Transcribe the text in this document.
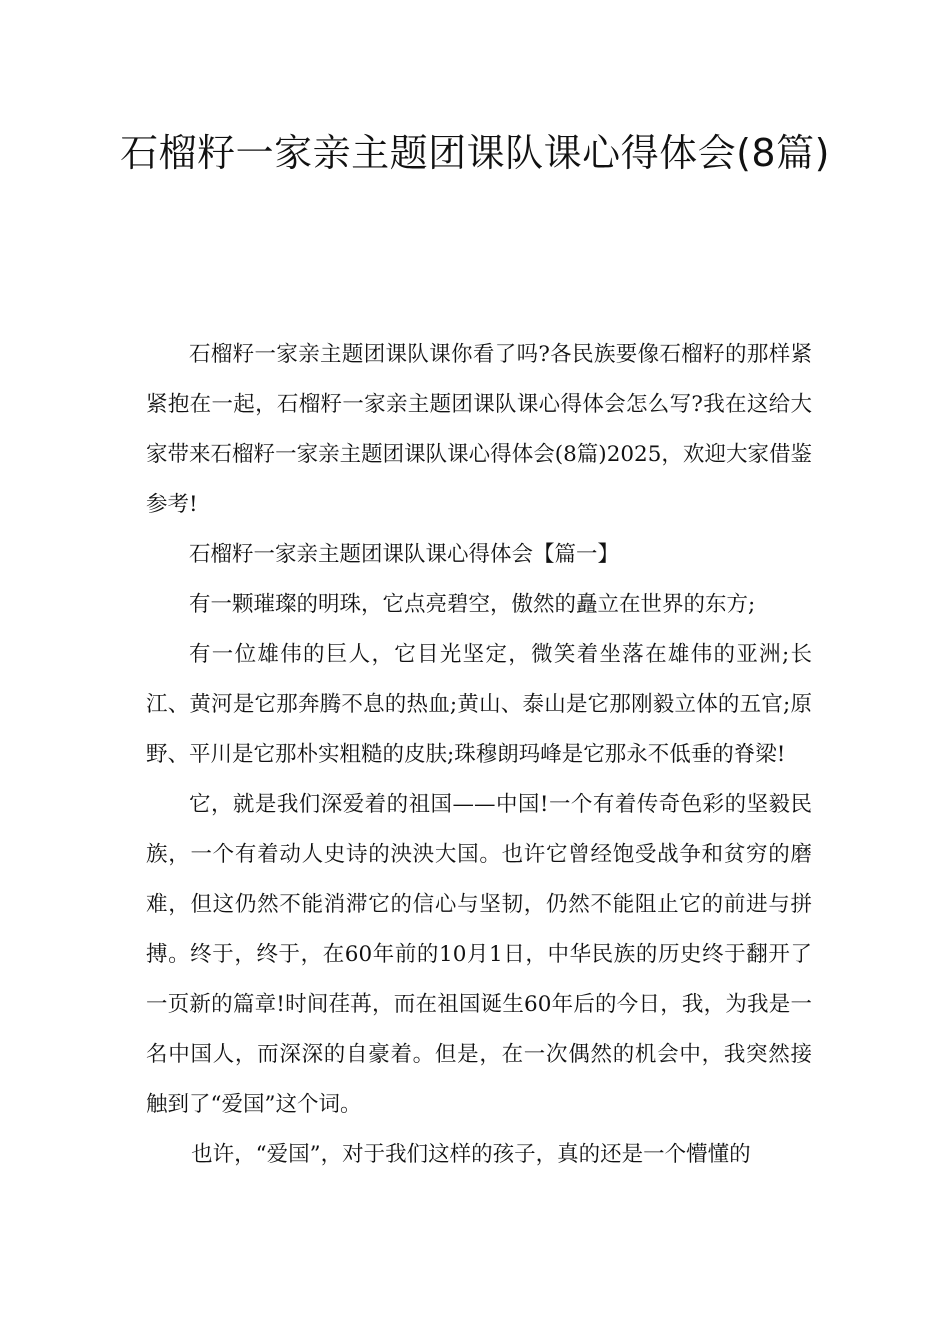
石榴籽一家亲主题团课队课心得体会(8篇)

石榴籽一家亲主题团课队课你看了吗?各民族要像石榴籽的那样紧紧抱在一起，石榴籽一家亲主题团课队课心得体会怎么写?我在这给大家带来石榴籽一家亲主题团课队课心得体会(8篇)2025，欢迎大家借鉴参考!

石榴籽一家亲主题团课队课心得体会【篇一】

有一颗璀璨的明珠，它点亮碧空，傲然的矗立在世界的东方;

有一位雄伟的巨人，它目光坚定，微笑着坐落在雄伟的亚洲;长江、黄河是它那奔腾不息的热血;黄山、泰山是它那刚毅立体的五官;原野、平川是它那朴实粗糙的皮肤;珠穆朗玛峰是它那永不低垂的脊梁!

它，就是我们深爱着的祖国——中国!一个有着传奇色彩的坚毅民族，一个有着动人史诗的泱泱大国。也许它曾经饱受战争和贫穷的磨难，但这仍然不能消滞它的信心与坚韧，仍然不能阻止它的前进与拼搏。终于，终于，在60年前的10月1日，中华民族的历史终于翻开了一页新的篇章!时间荏苒，而在祖国诞生60年后的今日，我，为我是一名中国人，而深深的自豪着。但是，在一次偶然的机会中，我突然接触到了“爱国”这个词。

也许，“爱国”，对于我们这样的孩子，真的还是一个懵懂的
